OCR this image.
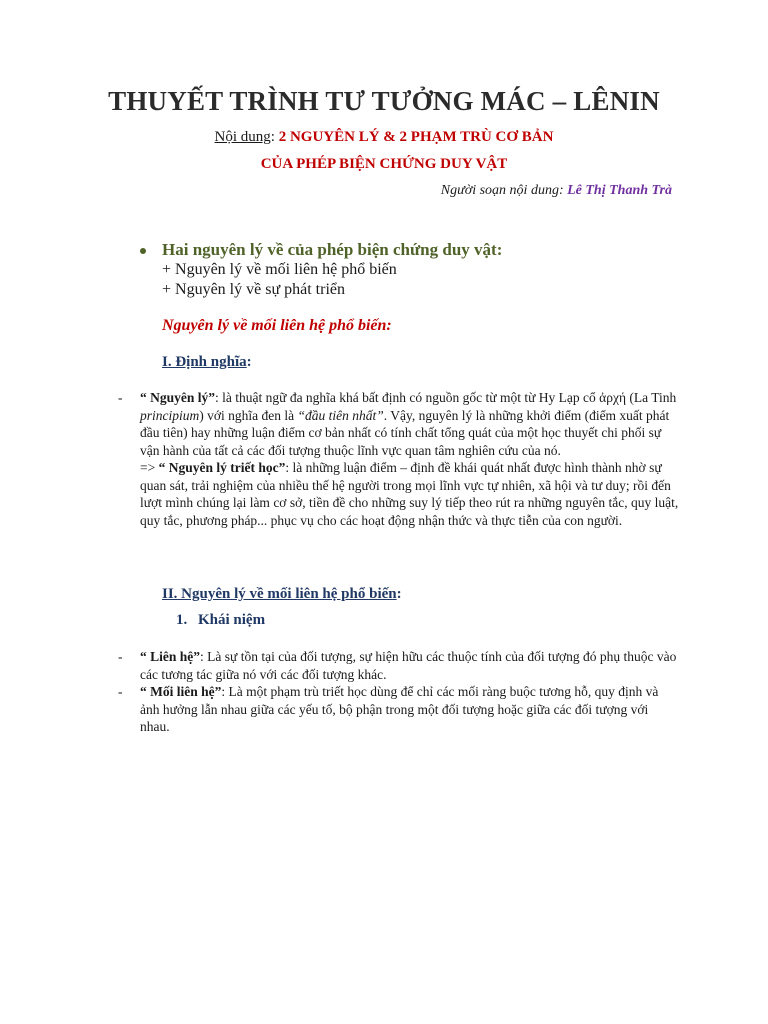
THUYẾT TRÌNH TƯ TƯỞNG MÁC – LÊNIN
Nội dung: 2 NGUYÊN LÝ & 2 PHẠM TRÙ CƠ BẢN
CỦA PHÉP BIỆN CHỨNG DUY VẬT
Người soạn nội dung: Lê Thị Thanh Trà
Hai nguyên lý về của phép biện chứng duy vật:
+ Nguyên lý về mối liên hệ phổ biến
+ Nguyên lý về sự phát triển
Nguyên lý về mối liên hệ phổ biến:
I. Định nghĩa:
- “ Nguyên lý”: là thuật ngữ đa nghĩa khá bất định có nguồn gốc từ một từ Hy Lạp cổ ἀρχή (La Tinh principium) với nghĩa đen là “đầu tiên nhất”. Vậy, nguyên lý là những khởi điểm (điểm xuất phát đầu tiên) hay những luận điểm cơ bản nhất có tính chất tổng quát của một học thuyết chi phối sự vận hành của tất cả các đối tượng thuộc lĩnh vực quan tâm nghiên cứu của nó.
=> “ Nguyên lý triết học”: là những luận điểm – định đề khái quát nhất được hình thành nhờ sự quan sát, trải nghiệm của nhiều thế hệ người trong mọi lĩnh vực tự nhiên, xã hội và tư duy; rồi đến lượt mình chúng lại làm cơ sở, tiền đề cho những suy lý tiếp theo rút ra những nguyên tắc, quy luật, quy tắc, phương pháp... phục vụ cho các hoạt động nhận thức và thực tiễn của con người.
II. Nguyên lý về mối liên hệ phổ biến:
1. Khái niệm
- “ Liên hệ”: Là sự tồn tại của đối tượng, sự hiện hữu các thuộc tính của đối tượng đó phụ thuộc vào các tương tác giữa nó với các đối tượng khác.
- “ Mối liên hệ”: Là một phạm trù triết học dùng để chỉ các mối ràng buộc tương hỗ, quy định và ảnh hưởng lẫn nhau giữa các yếu tố, bộ phận trong một đối tượng hoặc giữa các đối tượng với nhau.
